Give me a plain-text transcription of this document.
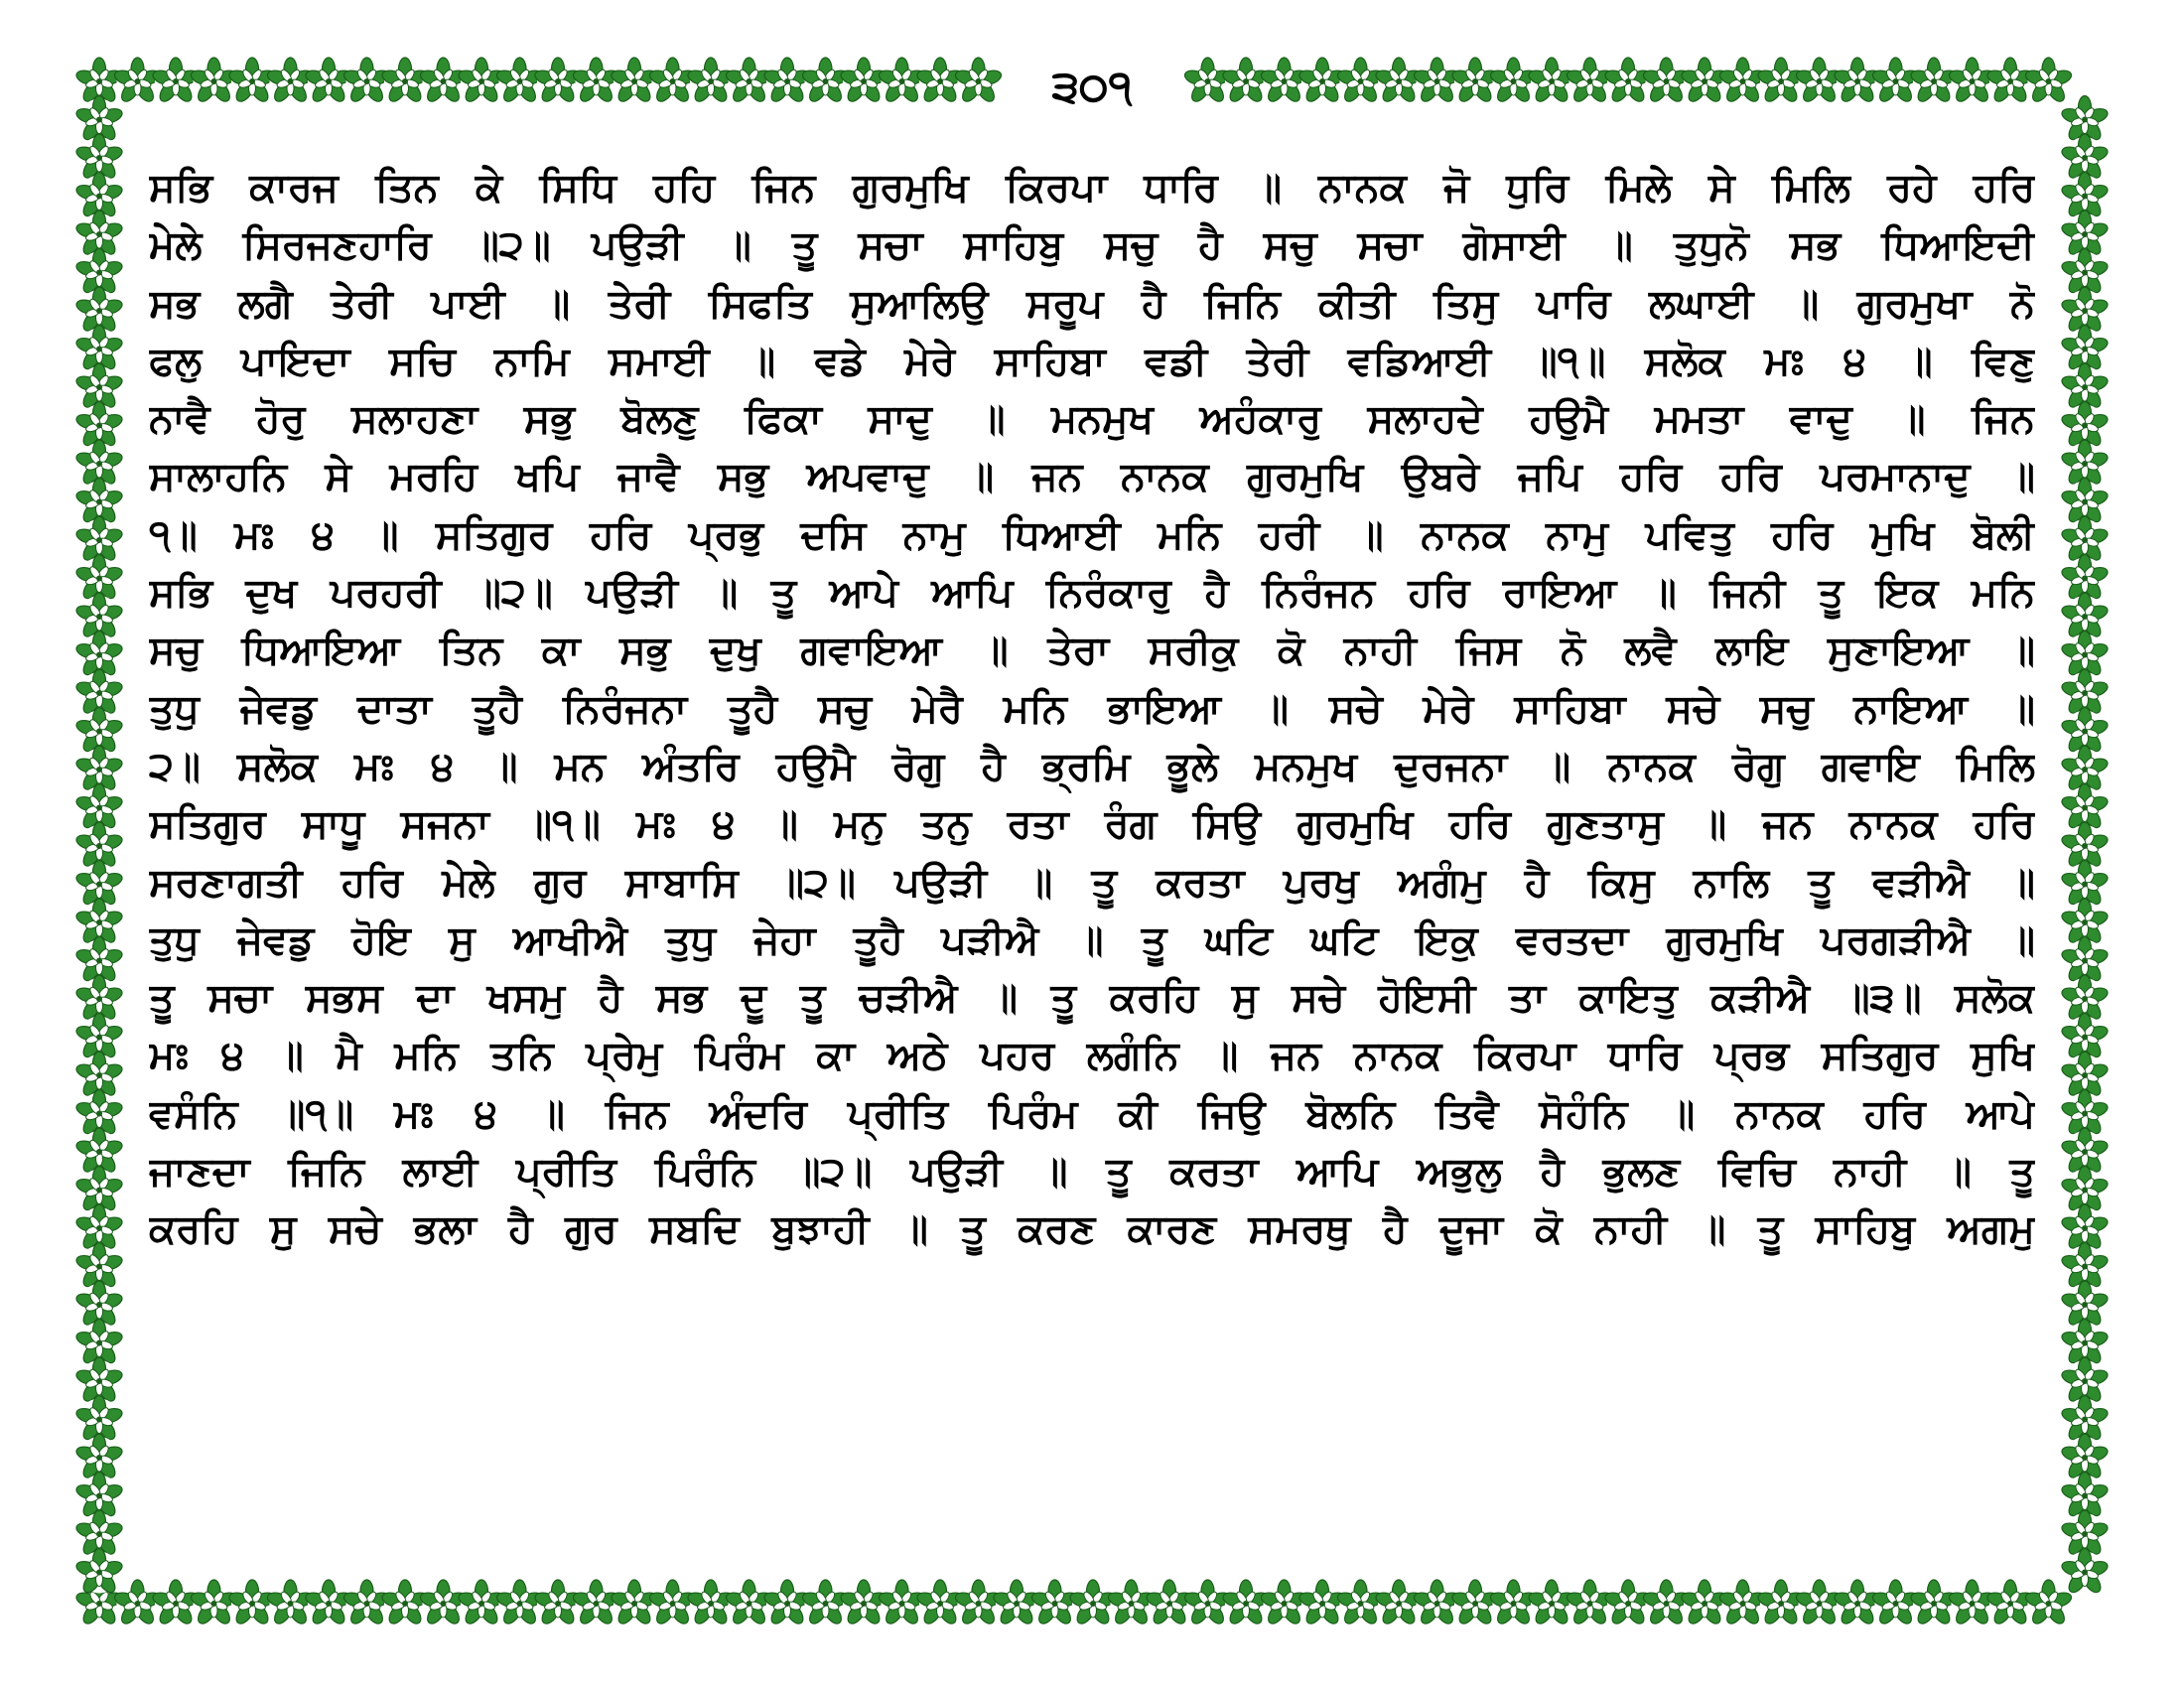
੩੦੧
ਸਭਿ ਕਾਰਜ ਤਿਨ ਕੇ ਸਿਧਿ ਹਹਿ ਜਿਨ ਗੁਰਮੁਖਿ ਕਿਰਪਾ ਧਾਰਿ ॥ ਨਾਨਕ ਜੋ ਧੁਰਿ ਮਿਲੇ ਸੇ ਮਿਲਿ ਰਹੇ ਹਰਿ
ਮੇਲੇ ਸਿਰਜਣਹਾਰਿ ॥੨॥ ਪਉੜੀ ॥ ਤੂ ਸਚਾ ਸਾਹਿਬੁ ਸਚੁ ਹੈ ਸਚੁ ਸਚਾ ਗੋਸਾਈ ॥ ਤੁਧੁਨੋ ਸਭ ਧਿਆਇਦੀ
ਸਭ ਲਗੈ ਤੇਰੀ ਪਾਈ ॥ ਤੇਰੀ ਸਿਫਤਿ ਸੁਆਲਿਉ ਸਰੂਪ ਹੈ ਜਿਨਿ ਕੀਤੀ ਤਿਸੁ ਪਾਰਿ ਲਘਾਈ ॥ ਗੁਰਮੁਖਾ ਨੋ
ਫਲੁ ਪਾਇਦਾ ਸਚਿ ਨਾਮਿ ਸਮਾਈ ॥ ਵਡੇ ਮੇਰੇ ਸਾਹਿਬਾ ਵਡੀ ਤੇਰੀ ਵਡਿਆਈ ॥੧॥ ਸਲੋਕ ਮਃ ੪ ॥ ਵਿਣੁ
ਨਾਵੈ ਹੋਰੁ ਸਲਾਹਣਾ ਸਭੁ ਬੋਲਣੁ ਫਿਕਾ ਸਾਦੁ ॥ ਮਨਮੁਖ ਅਹੰਕਾਰੁ ਸਲਾਹਦੇ ਹਉਮੈ ਮਮਤਾ ਵਾਦੁ ॥ ਜਿਨ
ਸਾਲਾਹਨਿ ਸੇ ਮਰਹਿ ਖਪਿ ਜਾਵੈ ਸਭੁ ਅਪਵਾਦੁ ॥ ਜਨ ਨਾਨਕ ਗੁਰਮੁਖਿ ਉਬਰੇ ਜਪਿ ਹਰਿ ਹਰਿ ਪਰਮਾਨਾਦੁ ॥
੧॥ ਮਃ ੪ ॥ ਸਤਿਗੁਰ ਹਰਿ ਪ੍ਰਭੁ ਦਸਿ ਨਾਮੁ ਧਿਆਈ ਮਨਿ ਹਰੀ ॥ ਨਾਨਕ ਨਾਮੁ ਪਵਿਤੁ ਹਰਿ ਮੁਖਿ ਬੋਲੀ
ਸਭਿ ਦੁਖ ਪਰਹਰੀ ॥੨॥ ਪਉੜੀ ॥ ਤੂ ਆਪੇ ਆਪਿ ਨਿਰੰਕਾਰੁ ਹੈ ਨਿਰੰਜਨ ਹਰਿ ਰਾਇਆ ॥ ਜਿਨੀ ਤੂ ਇਕ ਮਨਿ
ਸਚੁ ਧਿਆਇਆ ਤਿਨ ਕਾ ਸਭੁ ਦੁਖੁ ਗਵਾਇਆ ॥ ਤੇਰਾ ਸਰੀਕੁ ਕੋ ਨਾਹੀ ਜਿਸ ਨੋ ਲਵੈ ਲਾਇ ਸੁਣਾਇਆ ॥
ਤੁਧੁ ਜੇਵਡੁ ਦਾਤਾ ਤੂਹੈ ਨਿਰੰਜਨਾ ਤੂਹੈ ਸਚੁ ਮੇਰੈ ਮਨਿ ਭਾਇਆ ॥ ਸਚੇ ਮੇਰੇ ਸਾਹਿਬਾ ਸਚੇ ਸਚੁ ਨਾਇਆ ॥
੨॥ ਸਲੋਕ ਮਃ ੪ ॥ ਮਨ ਅੰਤਰਿ ਹਉਮੈ ਰੋਗੁ ਹੈ ਭ੍ਰਮਿ ਭੂਲੇ ਮਨਮੁਖ ਦੁਰਜਨਾ ॥ ਨਾਨਕ ਰੋਗੁ ਗਵਾਇ ਮਿਲਿ
ਸਤਿਗੁਰ ਸਾਧੂ ਸਜਨਾ ॥੧॥ ਮਃ ੪ ॥ ਮਨੁ ਤਨੁ ਰਤਾ ਰੰਗ ਸਿਉ ਗੁਰਮੁਖਿ ਹਰਿ ਗੁਣਤਾਸੁ ॥ ਜਨ ਨਾਨਕ ਹਰਿ
ਸਰਣਾਗਤੀ ਹਰਿ ਮੇਲੇ ਗੁਰ ਸਾਬਾਸਿ ॥੨॥ ਪਉੜੀ ॥ ਤੂ ਕਰਤਾ ਪੁਰਖੁ ਅਗੰਮੁ ਹੈ ਕਿਸੁ ਨਾਲਿ ਤੂ ਵੜੀਐ ॥
ਤੁਧੁ ਜੇਵਡੁ ਹੋਇ ਸੁ ਆਖੀਐ ਤੁਧੁ ਜੇਹਾ ਤੂਹੈ ਪੜੀਐ ॥ ਤੂ ਘਟਿ ਘਟਿ ਇਕੁ ਵਰਤਦਾ ਗੁਰਮੁਖਿ ਪਰਗੜੀਐ ॥
ਤੂ ਸਚਾ ਸਭਸ ਦਾ ਖਸਮੁ ਹੈ ਸਭ ਦੂ ਤੂ ਚੜੀਐ ॥ ਤੂ ਕਰਹਿ ਸੁ ਸਚੇ ਹੋਇਸੀ ਤਾ ਕਾਇਤੁ ਕੜੀਐ ॥੩॥ ਸਲੋਕ
ਮਃ ੪ ॥ ਮੈ ਮਨਿ ਤਨਿ ਪ੍ਰੇਮੁ ਪਿਰੰਮ ਕਾ ਅਠੇ ਪਹਰ ਲਗੰਨਿ ॥ ਜਨ ਨਾਨਕ ਕਿਰਪਾ ਧਾਰਿ ਪ੍ਰਭ ਸਤਿਗੁਰ ਸੁਖਿ
ਵਸੰਨਿ ॥੧॥ ਮਃ ੪ ॥ ਜਿਨ ਅੰਦਰਿ ਪ੍ਰੀਤਿ ਪਿਰੰਮ ਕੀ ਜਿਉ ਬੋਲਨਿ ਤਿਵੈ ਸੋਹੰਨਿ ॥ ਨਾਨਕ ਹਰਿ ਆਪੇ
ਜਾਣਦਾ ਜਿਨਿ ਲਾਈ ਪ੍ਰੀਤਿ ਪਿਰੰਨਿ ॥੨॥ ਪਉੜੀ ॥ ਤੂ ਕਰਤਾ ਆਪਿ ਅਭੁਲੁ ਹੈ ਭੁਲਣ ਵਿਚਿ ਨਾਹੀ ॥ ਤੂ
ਕਰਹਿ ਸੁ ਸਚੇ ਭਲਾ ਹੈ ਗੁਰ ਸਬਦਿ ਬੁਝਾਹੀ ॥ ਤੂ ਕਰਣ ਕਾਰਣ ਸਮਰਥੁ ਹੈ ਦੂਜਾ ਕੋ ਨਾਹੀ ॥ ਤੂ ਸਾਹਿਬੁ ਅਗਮੁ
